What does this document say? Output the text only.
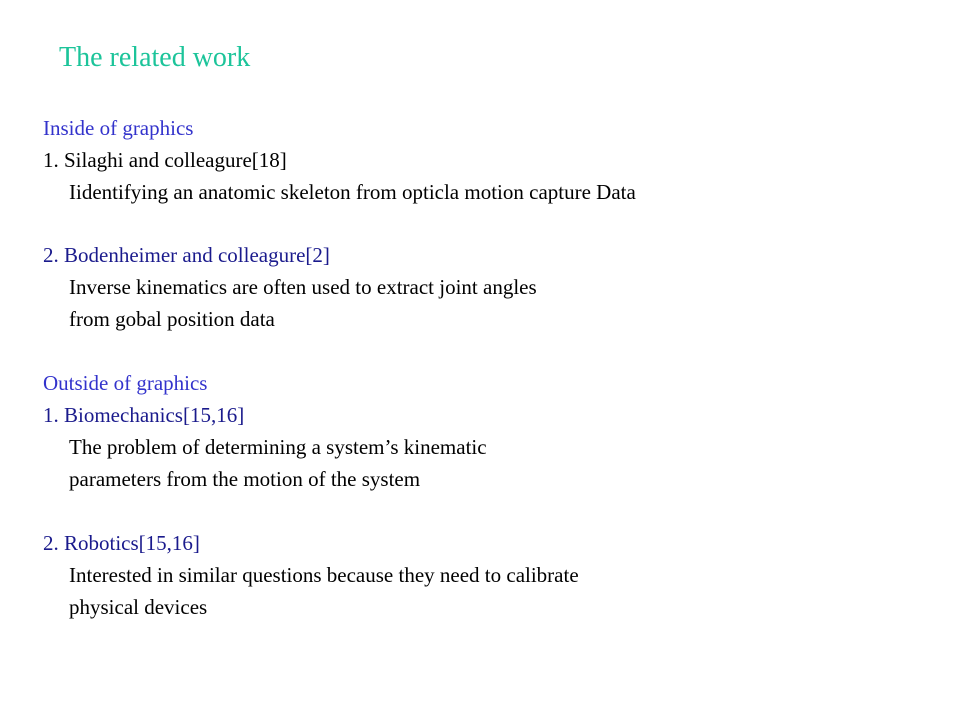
The related work
Inside of graphics
1. Silaghi and colleagure[18]
Iidentifying an anatomic skeleton from opticla motion capture Data
2. Bodenheimer and colleagure[2]
Inverse kinematics are often used to extract joint angles
from gobal position data
Outside of graphics
1. Biomechanics[15,16]
The problem of determining a system’s kinematic
parameters from the motion of the system
2. Robotics[15,16]
Interested in similar questions because they need to calibrate
physical devices
